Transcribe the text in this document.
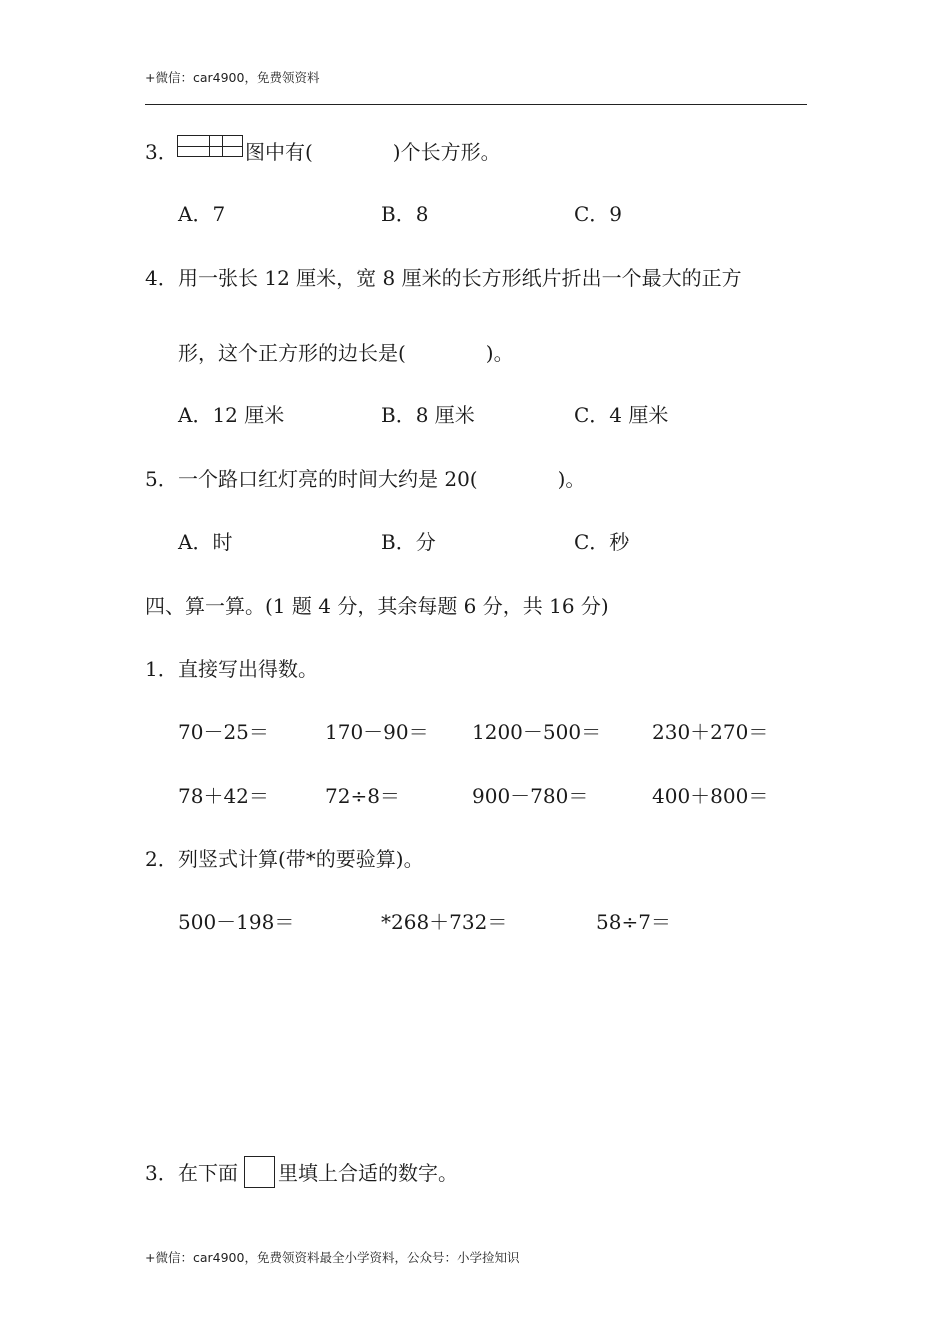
+微信：car4900，免费领资料
3．	图中有(　　　　)个长方形。
A．7	B．8	C．9
4． 用一张长 12 厘米，宽 8 厘米的长方形纸片折出一个最大的正方
形，这个正方形的边长是(　　　　)。
A．12 厘米	B．8 厘米	C．4 厘米
5． 一个路口红灯亮的时间大约是 20(　　　　)。
A．时	B．分	C．秒
四、算一算。(1 题 4 分，其余每题 6 分，共 16 分)
1． 直接写出得数。
70－25＝	170－90＝ 1200－500＝	230＋270＝
78＋42＝	72÷8＝	900－780＝	400＋800＝
2． 列竖式计算(带*的要验算)。
500－198＝	*268＋732＝	58÷7＝
3． 在下面 里填上合适的数字。
+微信：car4900，免费领资料最全小学资料，公众号：小学捡知识
